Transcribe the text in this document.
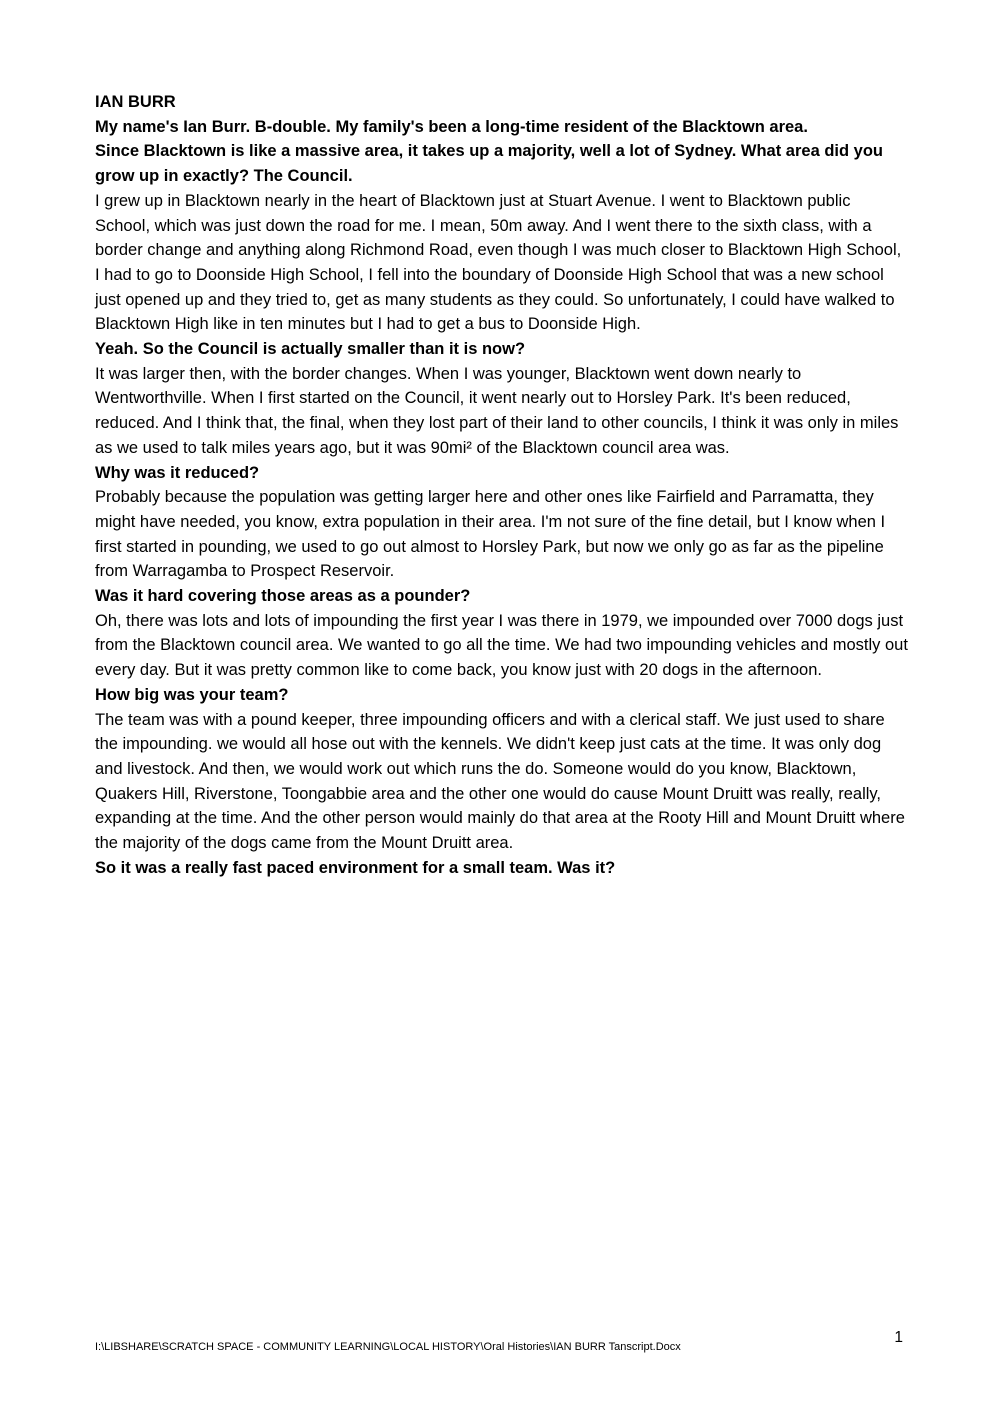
IAN BURR

My name's Ian Burr. B-double. My family's been a long-time resident of the Blacktown area.

Since Blacktown is like a massive area, it takes up a majority, well a lot of Sydney. What area did you grow up in exactly? The Council.

I grew up in Blacktown nearly in the heart of Blacktown just at Stuart Avenue. I went to Blacktown public School, which was just down the road for me. I mean, 50m away. And I went there to the sixth class, with a border change and anything along Richmond Road, even though I was much closer to Blacktown High School, I had to go to Doonside High School, I fell into the boundary of Doonside High School that was a new school just opened up and they tried to, get as many students as they could. So unfortunately, I could have walked to Blacktown High like in ten minutes but I had to get a bus to Doonside High.

Yeah. So the Council is actually smaller than it is now?

It was larger then, with the border changes. When I was younger, Blacktown went down nearly to Wentworthville. When I first started on the Council, it went nearly out to Horsley Park. It's been reduced, reduced. And I think that, the final, when they lost part of their land to other councils, I think it was only in miles as we used to talk miles years ago, but it was 90mi² of the Blacktown council area was.

Why was it reduced?

Probably because the population was getting larger here and other ones like Fairfield and Parramatta, they might have needed, you know, extra population in their area. I'm not sure of the fine detail, but I know when I first started in pounding, we used to go out almost to Horsley Park, but now we only go as far as the pipeline from Warragamba to Prospect Reservoir.

Was it hard covering those areas as a pounder?

Oh, there was lots and lots of impounding the first year I was there in 1979, we impounded over 7000 dogs just from the Blacktown council area. We wanted to go all the time. We had two impounding vehicles and mostly out every day. But it was pretty common like to come back, you know just with 20 dogs in the afternoon.

How big was your team?

The team was with a pound keeper, three impounding officers and with a clerical staff. We just used to share the impounding. we would all hose out with the kennels. We didn't keep just cats at the time. It was only dog and livestock. And then, we would work out which runs the do. Someone would do you know, Blacktown, Quakers Hill, Riverstone, Toongabbie area and the other one would do cause Mount Druitt was really, really, expanding at the time. And the other person would mainly do that area at the Rooty Hill and Mount Druitt where the majority of the dogs came from the Mount Druitt area.

So it was a really fast paced environment for a small team. Was it?

I:\LIBSHARE\SCRATCH SPACE - COMMUNITY LEARNING\LOCAL HISTORY\Oral Histories\IAN BURR Tanscript.Docx
1
